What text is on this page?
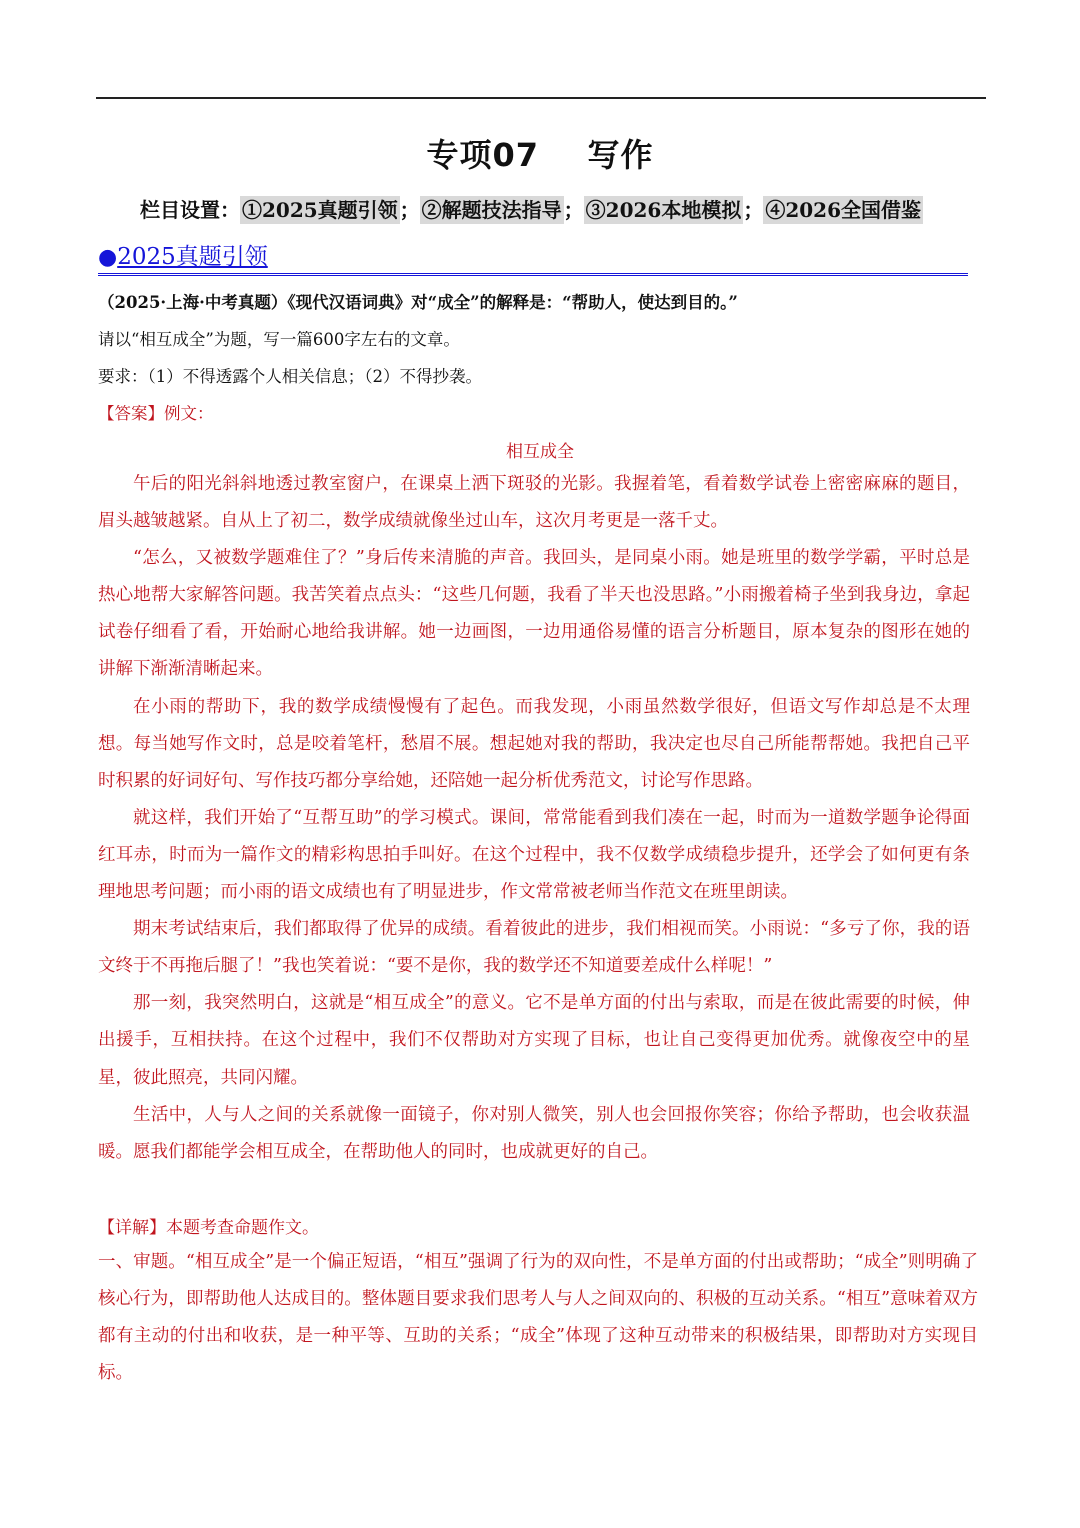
专项07    写作
栏目设置： ①2025真题引领 ； ②解题技法指导 ； ③2026本地模拟 ； ④2026全国借鉴
●2025真题引领
（2025·上海·中考真题）《现代汉语词典》对“成全”的解释是：“帮助人，使达到目的。”
请以“相互成全”为题，写一篇600字左右的文章。
要求：（1）不得透露个人相关信息；（2）不得抄袭。
【答案】例文：
相互成全

午后的阳光斜斜地透过教室窗户，在课桌上洒下斑驳的光影。我握着笔，看着数学试卷上密密麻麻的题目，眉头越皱越紧。自从上了初二，数学成绩就像坐过山车，这次月考更是一落千丈。

“怎么，又被数学题难住了？”身后传来清脆的声音。我回头，是同桌小雨。她是班里的数学学霸，平时总是热心地帮大家解答问题。我苦笑着点点头：“这些几何题，我看了半天也没思路。”小雨搬着椅子坐到我身边，拿起试卷仔细看了看，开始耐心地给我讲解。她一边画图，一边用通俗易懂的语言分析题目，原本复杂的图形在她的讲解下渐渐清晰起来。

在小雨的帮助下，我的数学成绩慢慢有了起色。而我发现，小雨虽然数学很好，但语文写作却总是不太理想。每当她写作文时，总是咬着笔杆，愁眉不展。想起她对我的帮助，我决定也尽自己所能帮帮她。我把自己平时积累的好词好句、写作技巧都分享给她，还陪她一起分析优秀范文，讨论写作思路。

就这样，我们开始了“互帮互助”的学习模式。课间，常常能看到我们凑在一起，时而为一道数学题争论得面红耳赤，时而为一篇作文的精彩构思拍手叫好。在这个过程中，我不仅数学成绩稳步提升，还学会了如何更有条理地思考问题；而小雨的语文成绩也有了明显进步，作文常常被老师当作范文在班里朗读。

期末考试结束后，我们都取得了优异的成绩。看着彼此的进步，我们相视而笑。小雨说：“多亏了你，我的语文终于不再拖后腿了！”我也笑着说：“要不是你，我的数学还不知道要差成什么样呢！”

那一刻，我突然明白，这就是“相互成全”的意义。它不是单方面的付出与索取，而是在彼此需要的时候，伸出援手，互相扶持。在这个过程中，我们不仅帮助对方实现了目标，也让自己变得更加优秀。就像夜空中的星星，彼此照亮，共同闪耀。

生活中，人与人之间的关系就像一面镜子，你对别人微笑，别人也会回报你笑容；你给予帮助，也会收获温暖。愿我们都能学会相互成全，在帮助他人的同时，也成就更好的自己。

【详解】本题考查命题作文。

一、审题。“相互成全”是一个偏正短语，“相互”强调了行为的双向性，不是单方面的付出或帮助；“成全”则明确了核心行为，即帮助他人达成目的。整体题目要求我们思考人与人之间双向的、积极的互动关系。“相互”意味着双方都有主动的付出和收获，是一种平等、互助的关系；“成全”体现了这种互动带来的积极结果，即帮助对方实现目标。
